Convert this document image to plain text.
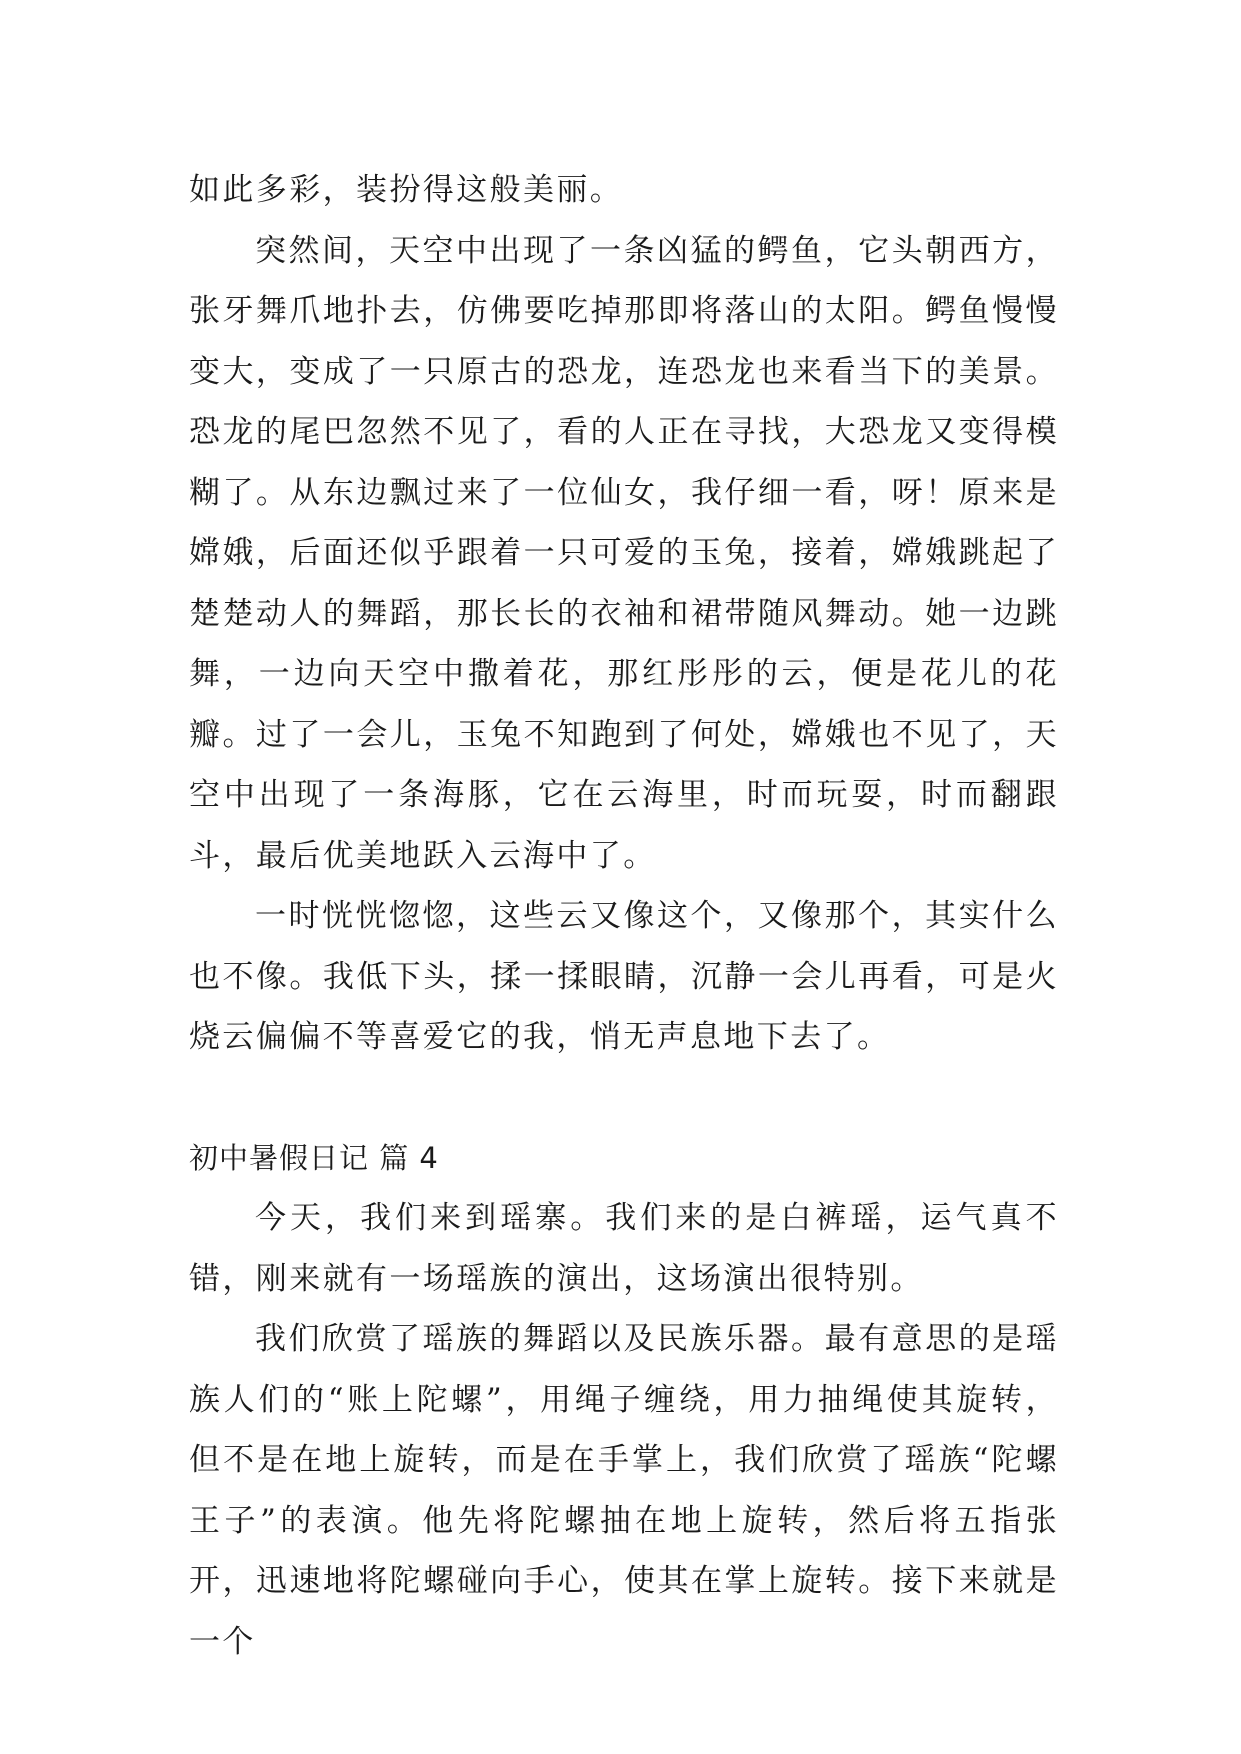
如此多彩，装扮得这般美丽。

突然间，天空中出现了一条凶猛的鳄鱼，它头朝西方，张牙舞爪地扑去，仿佛要吃掉那即将落山的太阳。鳄鱼慢慢变大，变成了一只原古的恐龙，连恐龙也来看当下的美景。恐龙的尾巴忽然不见了，看的人正在寻找，大恐龙又变得模糊了。从东边飘过来了一位仙女，我仔细一看，呀！原来是嫦娥，后面还似乎跟着一只可爱的玉兔，接着，嫦娥跳起了楚楚动人的舞蹈，那长长的衣袖和裙带随风舞动。她一边跳舞，一边向天空中撒着花，那红彤彤的云，便是花儿的花瓣。过了一会儿，玉兔不知跑到了何处，嫦娥也不见了，天空中出现了一条海豚，它在云海里，时而玩耍，时而翻跟斗，最后优美地跃入云海中了。

一时恍恍惚惚，这些云又像这个，又像那个，其实什么也不像。我低下头，揉一揉眼睛，沉静一会儿再看，可是火烧云偏偏不等喜爱它的我，悄无声息地下去了。

初中暑假日记 篇 4

今天，我们来到瑶寨。我们来的是白裤瑶，运气真不错，刚来就有一场瑶族的演出，这场演出很特别。

我们欣赏了瑶族的舞蹈以及民族乐器。最有意思的是瑶族人们的“账上陀螺”，用绳子缠绕，用力抽绳使其旋转，但不是在地上旋转，而是在手掌上，我们欣赏了瑶族“陀螺王子”的表演。他先将陀螺抽在地上旋转，然后将五指张开，迅速地将陀螺碰向手心，使其在掌上旋转。接下来就是一个
